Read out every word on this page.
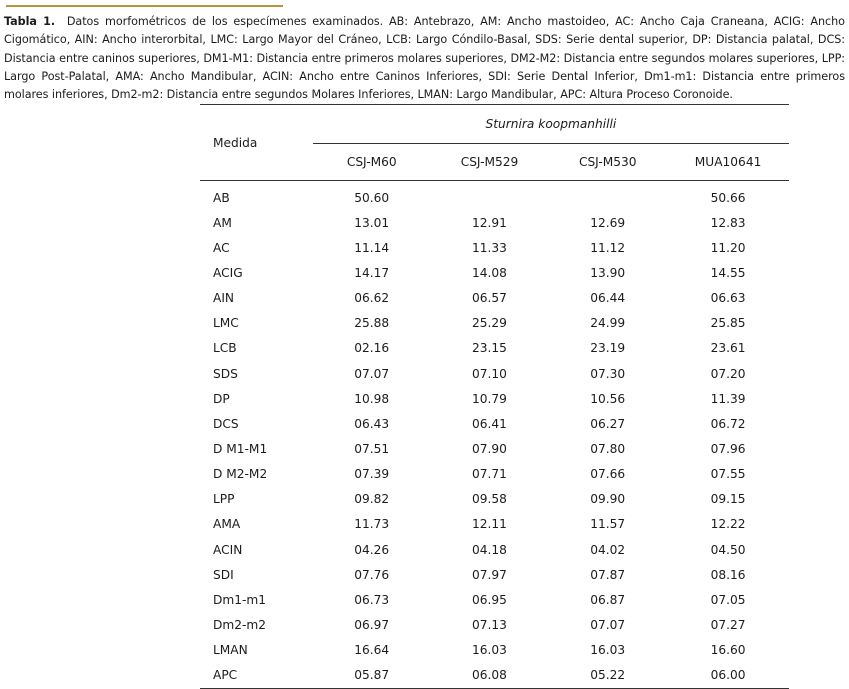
Tabla 1. Datos morfométricos de los especímenes examinados. AB: Antebrazo, AM: Ancho mastoideo, AC: Ancho Caja Craneana, ACIG: Ancho Cigomático, AIN: Ancho interorbital, LMC: Largo Mayor del Cráneo, LCB: Largo Cóndilo-Basal, SDS: Serie dental superior, DP: Distancia palatal, DCS: Distancia entre caninos superiores, DM1-M1: Distancia entre primeros molares superiores, DM2-M2: Distancia entre segundos molares superiores, LPP: Largo Post-Palatal, AMA: Ancho Mandibular, ACIN: Ancho entre Caninos Inferiores, SDI: Serie Dental Inferior, Dm1-m1: Distancia entre primeros molares inferiores, Dm2-m2: Distancia entre segundos Molares Inferiores, LMAN: Largo Mandibular, APC: Altura Proceso Coronoide.

Medida	Sturnira koopmanhilli			
	CSJ-M60	CSJ-M529	CSJ-M530	MUA10641
AB	50.60			50.66
AM	13.01	12.91	12.69	12.83
AC	11.14	11.33	11.12	11.20
ACIG	14.17	14.08	13.90	14.55
AIN	06.62	06.57	06.44	06.63
LMC	25.88	25.29	24.99	25.85
LCB	02.16	23.15	23.19	23.61
SDS	07.07	07.10	07.30	07.20
DP	10.98	10.79	10.56	11.39
DCS	06.43	06.41	06.27	06.72
D M1-M1	07.51	07.90	07.80	07.96
D M2-M2	07.39	07.71	07.66	07.55
LPP	09.82	09.58	09.90	09.15
AMA	11.73	12.11	11.57	12.22
ACIN	04.26	04.18	04.02	04.50
SDI	07.76	07.97	07.87	08.16
Dm1-m1	06.73	06.95	06.87	07.05
Dm2-m2	06.97	07.13	07.07	07.27
LMAN	16.64	16.03	16.03	16.60
APC	05.87	06.08	05.22	06.00
